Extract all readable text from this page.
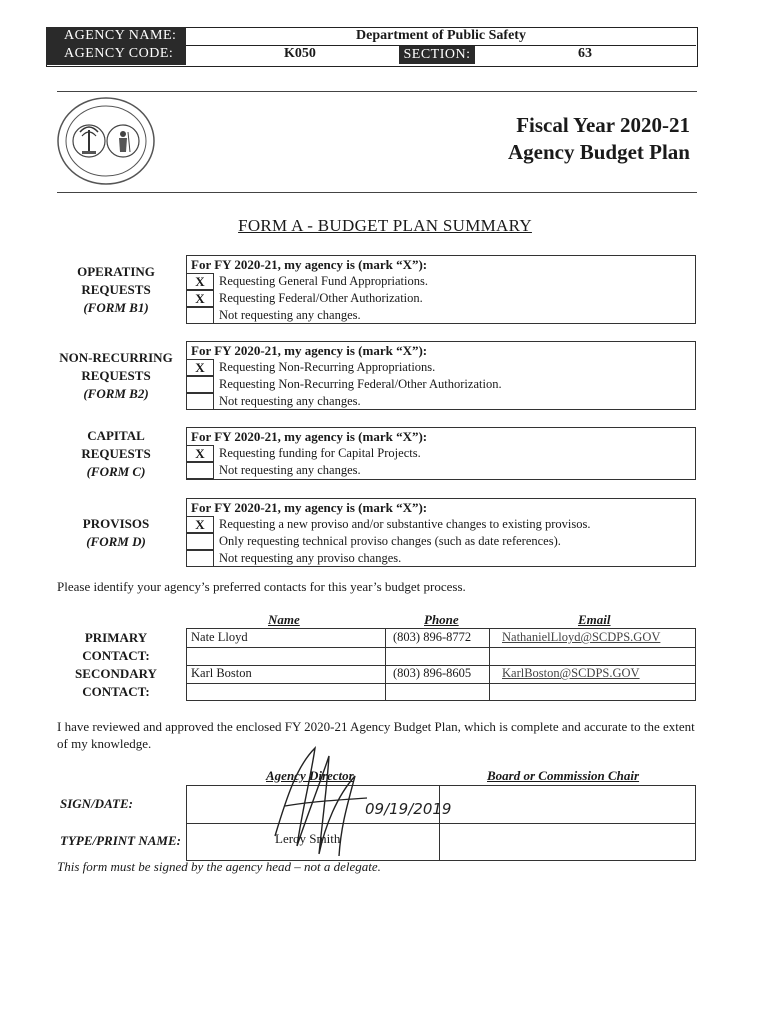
AGENCY NAME:
AGENCY CODE:
Department of Public Safety
K050	SECTION:	63
Fiscal Year 2020-21
Agency Budget Plan
FORM A - BUDGET PLAN SUMMARY
OPERATING
REQUESTS
(FORM B1)
For FY 2020-21, my agency is (mark “X”):
X	Requesting General Fund Appropriations.
X	Requesting Federal/Other Authorization.
Not requesting any changes.
NON-RECURRING
REQUESTS
(FORM B2)
For FY 2020-21, my agency is (mark “X”):
X	Requesting Non-Recurring Appropriations.
Requesting Non-Recurring Federal/Other Authorization.
Not requesting any changes.
CAPITAL
REQUESTS
(FORM C)
For FY 2020-21, my agency is (mark “X”):
X	Requesting funding for Capital Projects.
Not requesting any changes.
PROVISOS
(FORM D)
For FY 2020-21, my agency is (mark “X”):
X	Requesting a new proviso and/or substantive changes to existing provisos.
Only requesting technical proviso changes (such as date references).
Not requesting any proviso changes.
Please identify your agency’s preferred contacts for this year’s budget process.
Name	Phone	Email
PRIMARY
CONTACT:
SECONDARY
CONTACT:
Nate Lloyd	(803) 896-8772 NathanielLloyd@SCDPS.GOV
Karl Boston	(803) 896-8605 KarlBoston@SCDPS.GOV
I have reviewed and approved the enclosed FY 2020-21 Agency Budget Plan, which is complete and accurate to the extent of my knowledge.
Agency Director	Board or Commission Chair
SIGN/DATE:
TYPE/PRINT NAME:
09/19/2019
Leroy Smith
This form must be signed by the agency head – not a delegate.
